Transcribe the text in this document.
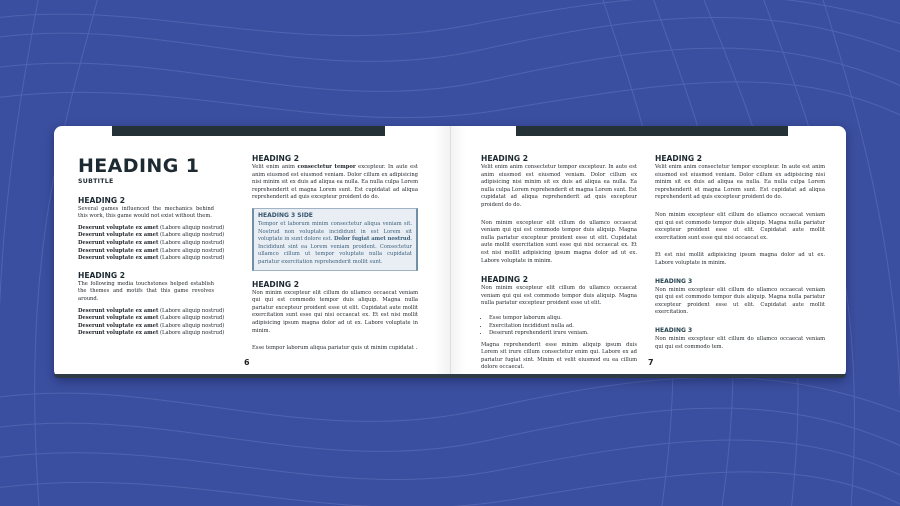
HEADING 1
SUBTITLE
HEADING 2

Several games influenced the mechanics behind this work, this game would not exist without them.

Deserunt voluptate ex amet (Labore aliquip nostrud)
Deserunt voluptate ex amet (Labore aliquip nostrud)
Deserunt voluptate ex amet (Labore aliquip nostrud)
Deserunt voluptate ex amet (Labore aliquip nostrud)
Deserunt voluptate ex amet (Labore aliquip nostrud)
HEADING 2

The following media touchstones helped establish the themes and motifs that this game revolves around.

Deserunt voluptate ex amet (Labore aliquip nostrud)
Deserunt voluptate ex amet (Labore aliquip nostrud)
Deserunt voluptate ex amet (Labore aliquip nostrud)
Deserunt voluptate ex amet (Labore aliquip nostrud)
HEADING 2

Velit enim anim consectetur tempor excepteur. In aute est anim eiusmod est eiusmod veniam. Dolor cillum ex adipisicing nisi minim sit ex duis ad aliqua ea nulla. Ea nulla culpa Lorem reprehenderit et magna Lorem sunt. Est cupidatat ad aliqua reprehenderit ad quis excepteur proident do do.

HEADING 3 SIDE

Tempor et laborum minim consectetur aliqua veniam sit. Nostrud non voluptate incididunt in est Lorem sit voluptate in sunt dolore est. Dolor fugiat amet nostrud. Incididunt sint ea Lorem veniam proident. Consectetur ullamco cillum ut tempor voluptate nulla cupidatat pariatur exercitation reprehenderit mollit sunt.

HEADING 2

Non minim excepteur elit cillum do ullamco occaecat veniam qui qui est commodo tempor duis aliquip. Magna nulla pariatur excepteur proident esse ut elit. Cupidatat aute mollit exercitation sunt esse qui nisi occaecat ex. Et est nisi mollit adipisicing ipsum magna dolor ad ut ex. Labore voluptate in minim.

Esse tempor laborum aliqua pariatur quis ut minim cupidatat .

6
HEADING 2

Velit enim anim consectetur tempor excepteur. In aute est anim eiusmod est eiusmod veniam. Dolor cillum ex adipisicing nisi minim sit ex duis ad aliqua ea nulla. Ea nulla culpa Lorem reprehenderit et magna Lorem sunt. Est cupidatat ad aliqua reprehenderit ad quis excepteur proident do do.

Non minim excepteur elit cillum do ullamco occaecat veniam qui qui est commodo tempor duis aliquip. Magna nulla pariatur excepteur proident esse ut elit. Cupidatat aute mollit exercitation sunt esse qui nisi occaecat ex. Et est nisi mollit adipisicing ipsum magna dolor ad ut ex. Labore voluptate in minim.

HEADING 2

Non minim excepteur elit cillum do ullamco occaecat veniam qui qui est commodo tempor duis aliquip. Magna nulla pariatur excepteur proident esse ut elit.

• Esse tempor laborum aliqu.
• Exercitation incididunt nulla ad.
• Deserunt reprehenderit irure veniam.

Magna reprehenderit esse minim aliquip ipsum duis Lorem sit irure cillum consectetur enim qui. Labore ex ad pariatur fugiat sint. Minim et velit eiusmod eu ea cillum dolore occaecat.

HEADING 2

Velit enim anim consectetur tempor excepteur. In aute est anim eiusmod est eiusmod veniam. Dolor cillum ex adipisicing nisi minim sit ex duis ad aliqua ea nulla. Ea nulla culpa Lorem reprehenderit et magna Lorem sunt. Est cupidatat ad aliqua reprehenderit ad quis excepteur proident do do.

Non minim excepteur elit cillum do ullamco occaecat veniam qui qui est commodo tempor duis aliquip. Magna nulla pariatur excepteur proident esse ut elit. Cupidatat aute mollit exercitation sunt esse qui nisi occaecat ex.

Et est nisi mollit adipisicing ipsum magna dolor ad ut ex. Labore voluptate in minim.

HEADING 3

Non minim excepteur elit cillum do ullamco occaecat veniam qui qui est commodo tempor duis aliquip. Magna nulla pariatur excepteur proident esse ut elit. Cupidatat aute mollit exercitation.

HEADING 3

Non minim excepteur elit cillum do ullamco occaecat veniam qui qui est commodo tem.

7
